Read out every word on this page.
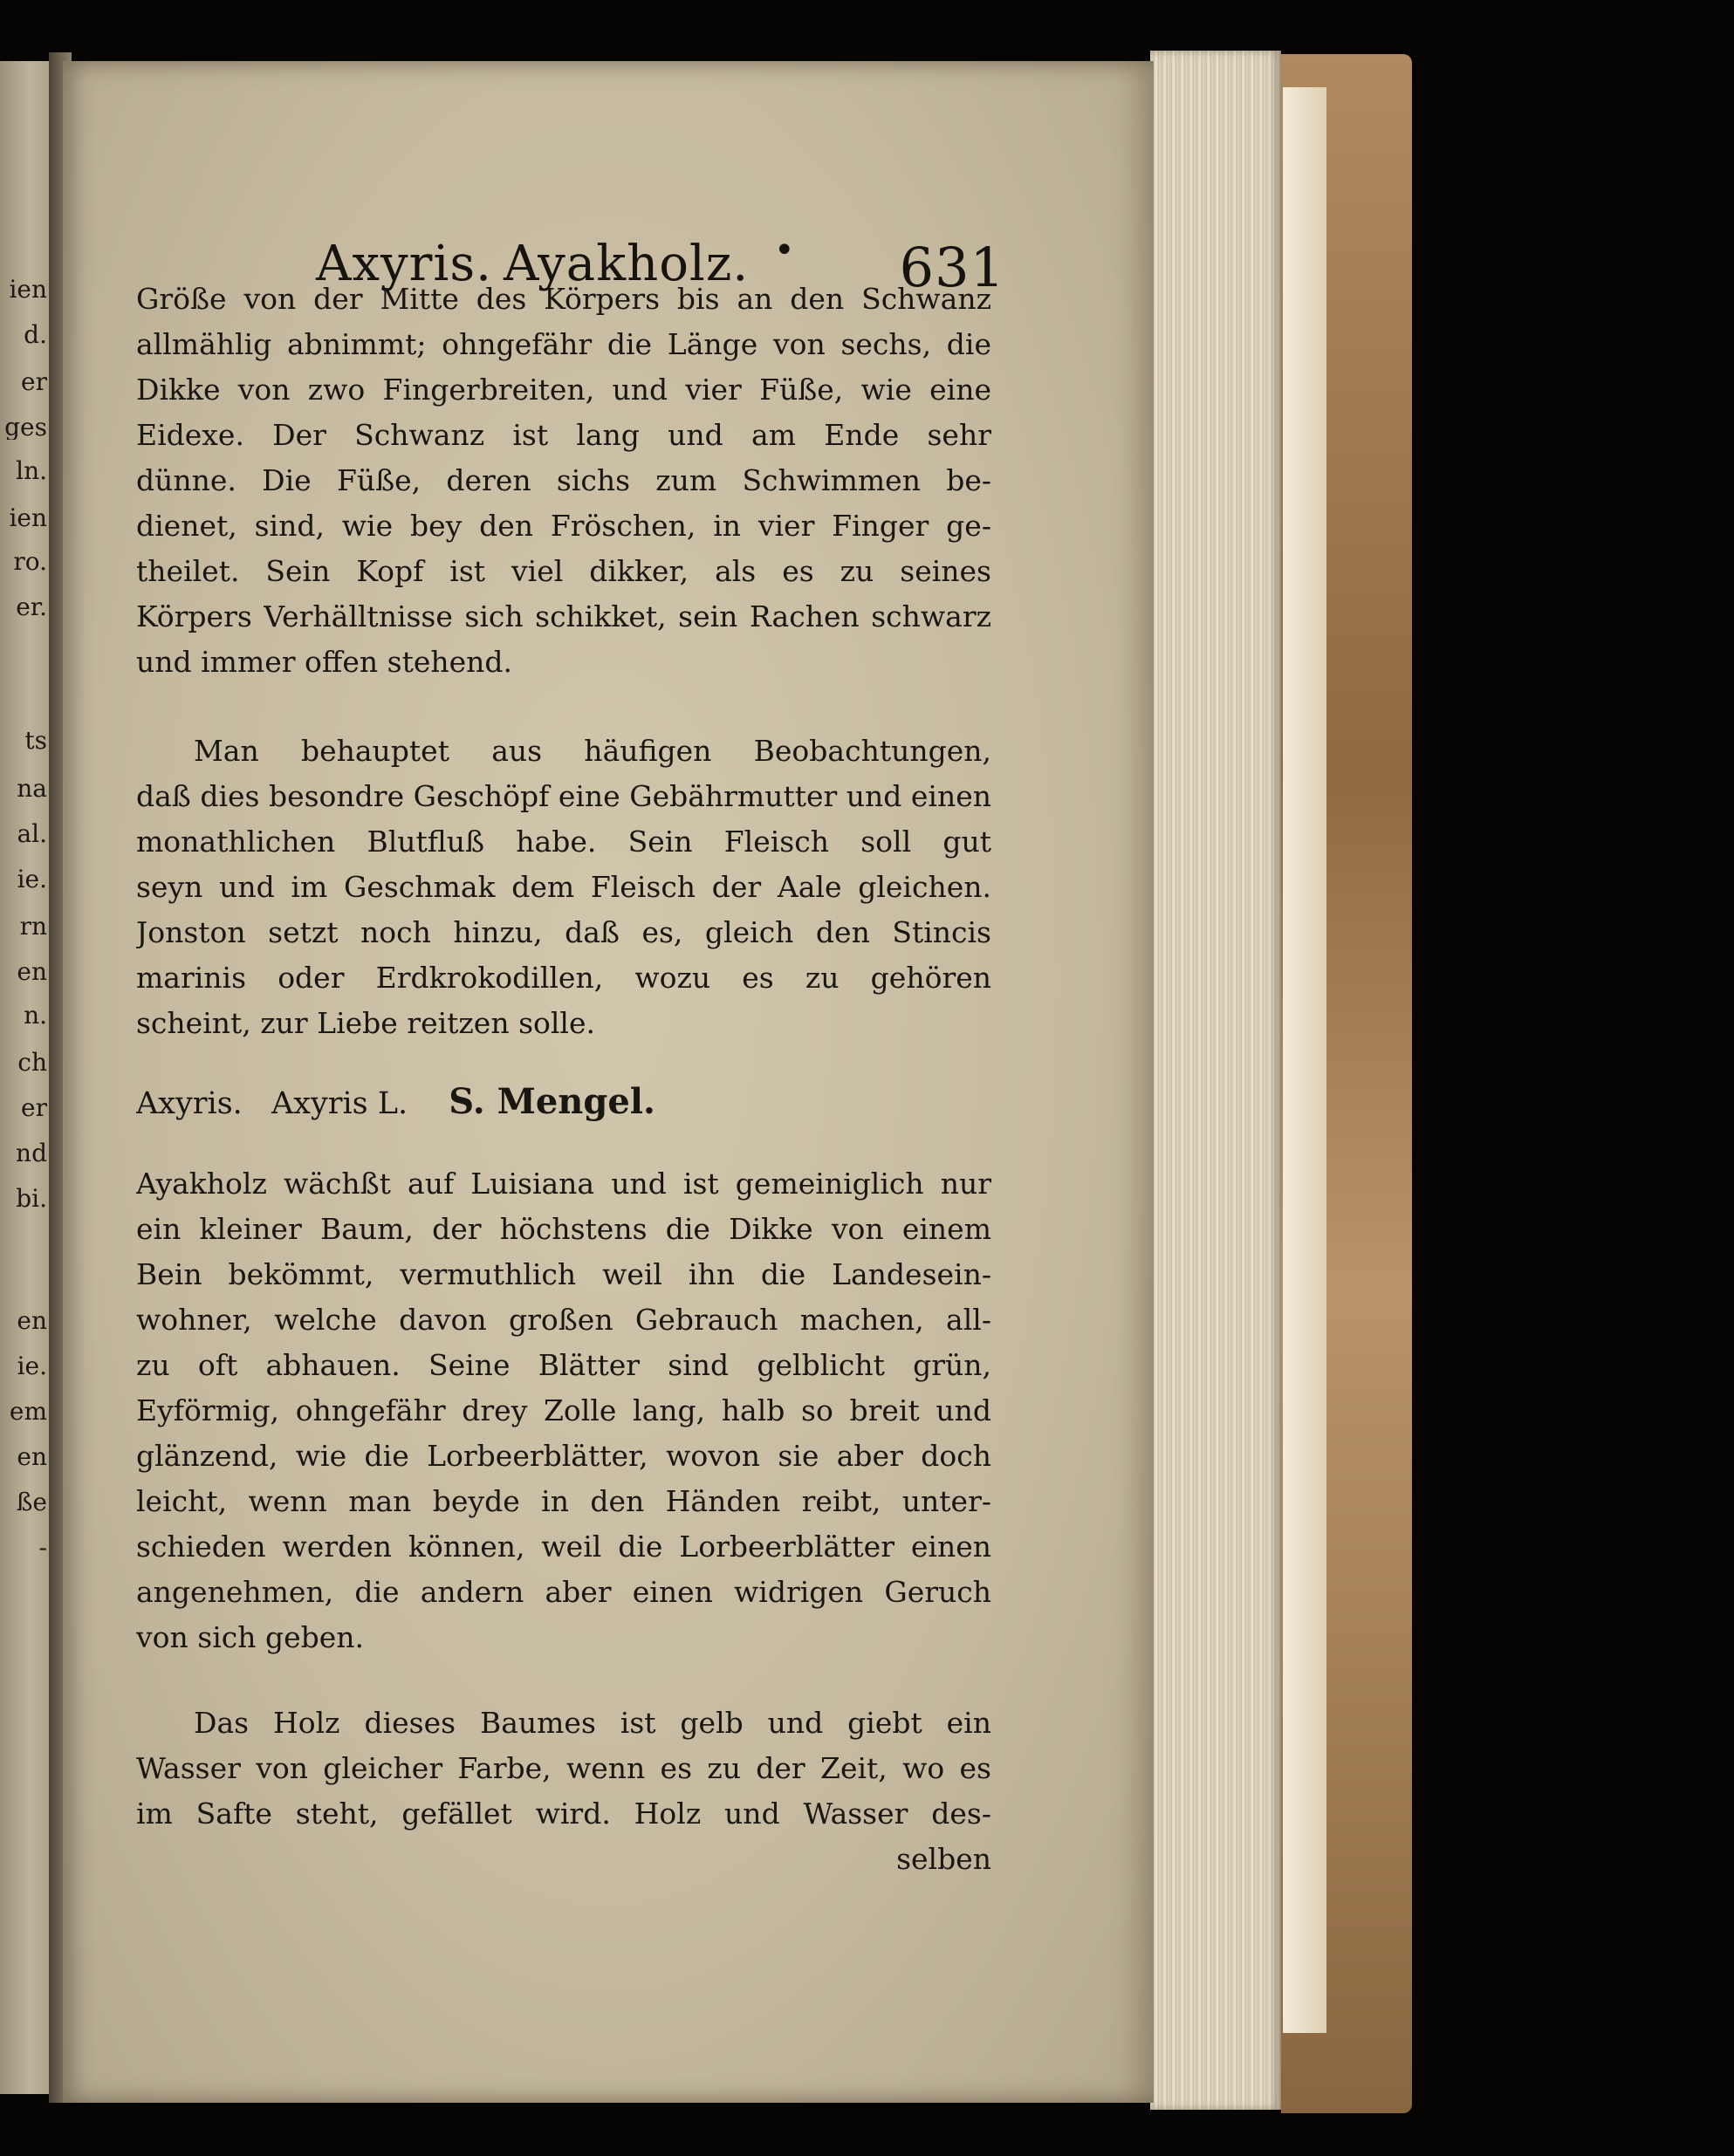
ien
d.
er
ges
ln.
ien
ro.
er.
ts
na
al.
ie.
rn
en
n.
ch
er
nd
bi.
en
ie.
em
en
ße
-
Axyris. Ayakholz. • 631
Größe von der Mitte des Körpers bis an den Schwanz
allmählig abnimmt; ohngefähr die Länge von sechs, die
Dikke von zwo Fingerbreiten, und vier Füße, wie eine
Eidexe. Der Schwanz ist lang und am Ende sehr
dünne. Die Füße, deren sichs zum Schwimmen be-
dienet, sind, wie bey den Fröschen, in vier Finger ge-
theilet. Sein Kopf ist viel dikker, als es zu seines
Körpers Verhälltnisse sich schikket, sein Rachen schwarz
und immer offen stehend.
Man behauptet aus häufigen Beobachtungen,
daß dies besondre Geschöpf eine Gebährmutter und einen
monathlichen Blutfluß habe. Sein Fleisch soll gut
seyn und im Geschmak dem Fleisch der Aale gleichen.
Jonston setzt noch hinzu, daß es, gleich den Stincis
marinis oder Erdkrokodillen, wozu es zu gehören
scheint, zur Liebe reitzen solle.
Axyris. Axyris L. S. Mengel.
Ayakholz wächßt auf Luisiana und ist gemeiniglich nur
ein kleiner Baum, der höchstens die Dikke von einem
Bein bekömmt, vermuthlich weil ihn die Landesein-
wohner, welche davon großen Gebrauch machen, all-
zu oft abhauen. Seine Blätter sind gelblicht grün,
Eyförmig, ohngefähr drey Zolle lang, halb so breit und
glänzend, wie die Lorbeerblätter, wovon sie aber doch
leicht, wenn man beyde in den Händen reibt, unter-
schieden werden können, weil die Lorbeerblätter einen
angenehmen, die andern aber einen widrigen Geruch
von sich geben.
Das Holz dieses Baumes ist gelb und giebt ein
Wasser von gleicher Farbe, wenn es zu der Zeit, wo es
im Safte steht, gefället wird. Holz und Wasser des-
selben
